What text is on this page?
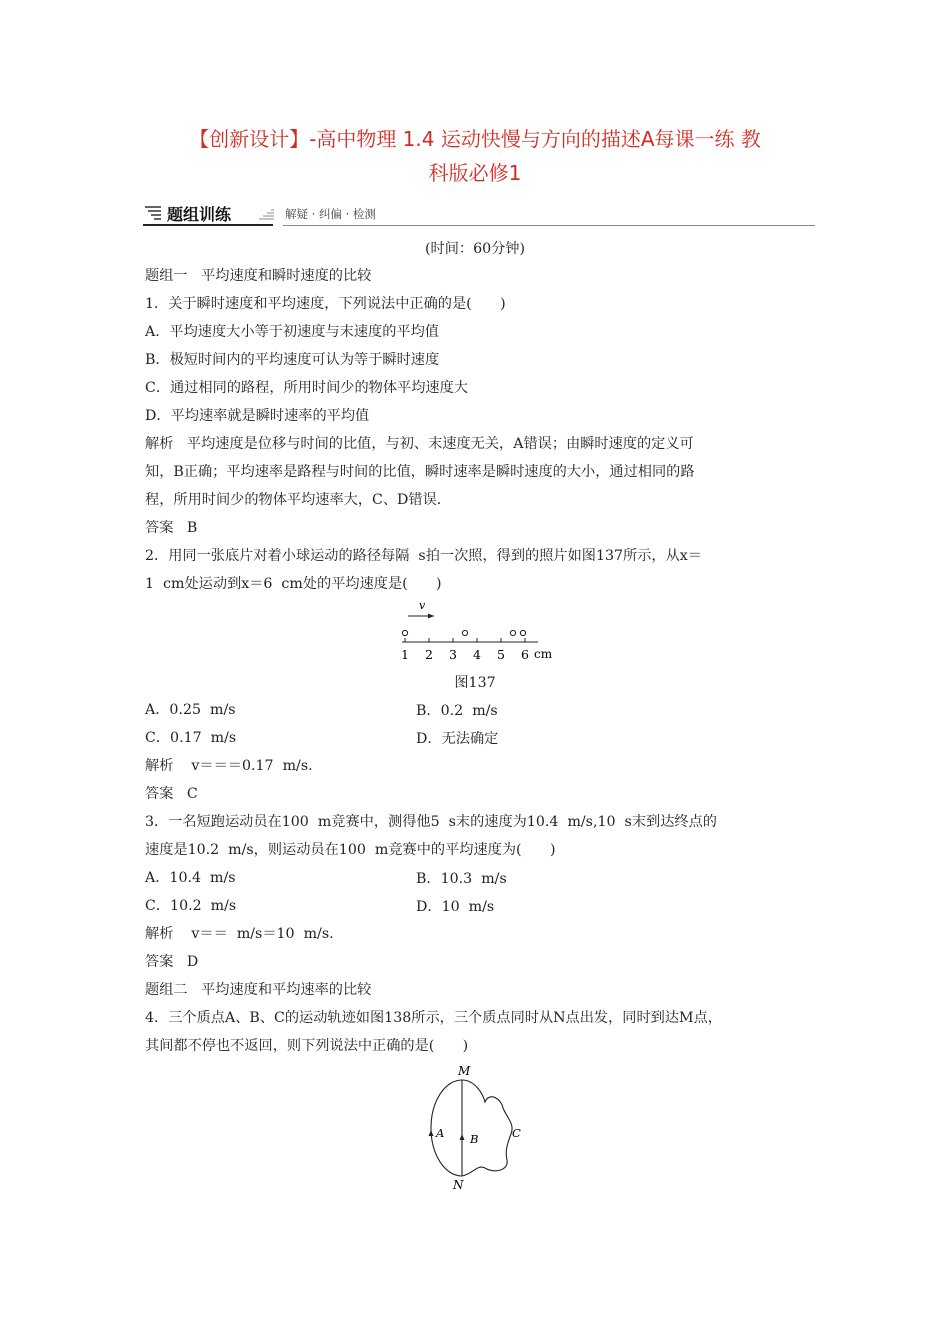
【创新设计】-高中物理 1.4 运动快慢与方向的描述A每课一练 教
科版必修1
题组训练	解疑 · 纠偏 · 检测
(时间：60分钟)
题组一   平均速度和瞬时速度的比较
1．关于瞬时速度和平均速度，下列说法中正确的是(　　)
A．平均速度大小等于初速度与末速度的平均值
B．极短时间内的平均速度可认为等于瞬时速度
C．通过相同的路程，所用时间少的物体平均速度大
D．平均速率就是瞬时速率的平均值
解析   平均速度是位移与时间的比值，与初、末速度无关，A错误；由瞬时速度的定义可
知，B正确；平均速率是路程与时间的比值，瞬时速率是瞬时速度的大小，通过相同的路
程，所用时间少的物体平均速率大，C、D错误．
答案   B
2．用同一张底片对着小球运动的路径每隔  s拍一次照，得到的照片如图137所示，从x＝
1  cm处运动到x＝6  cm处的平均速度是(　　)
v
1 2 3 4 5 6 cm
图137
A．0.25  m/s	B．0.2  m/s
C．0.17  m/s	D．无法确定
解析    v＝＝＝0.17  m/s.
答案   C
3．一名短跑运动员在100  m竞赛中，测得他5  s末的速度为10.4  m/s,10  s末到达终点的
速度是10.2  m/s，则运动员在100  m竞赛中的平均速度为(　　)
A．10.4  m/s	B．10.3  m/s
C．10.2  m/s	D．10  m/s
解析    v＝＝  m/s＝10  m/s.
答案   D
题组二   平均速度和平均速率的比较
4．三个质点A、B、C的运动轨迹如图138所示，三个质点同时从N点出发，同时到达M点，
其间都不停也不返回，则下列说法中正确的是(　　)
M
N
A B	C
